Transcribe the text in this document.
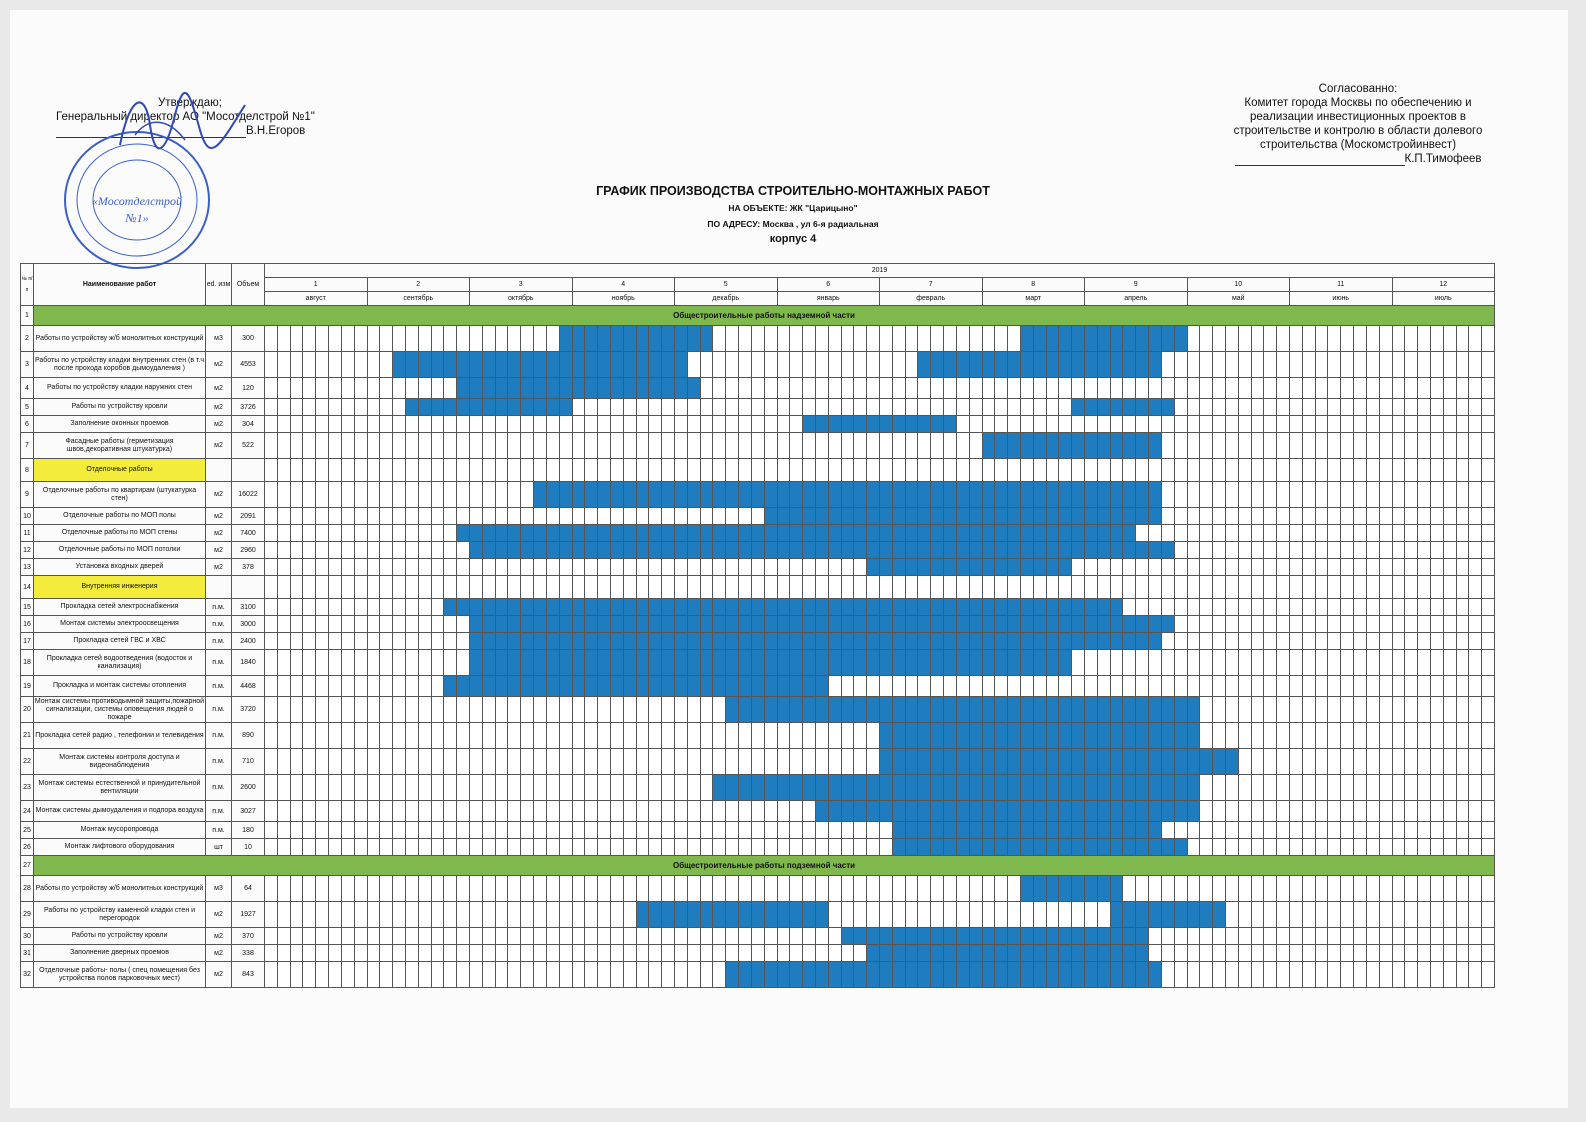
Утверждаю;
Генеральный директор АО "Мосотделстрой №1"
В.Н.Егоров
«Мосотделстрой
№1»
Согласованно:
Комитет города Москвы по обеспечению и
реализации инвестиционных проектов в
строительстве и контролю в области долевого
строительства (Москомстройинвест)
К.П.Тимофеев
ГРАФИК ПРОИЗВОДСТВА СТРОИТЕЛЬНО-МОНТАЖНЫХ РАБОТ
НА ОБЪЕКТЕ: ЖК "Царицыно"
ПО АДРЕСУ: Москва , ул 6-я радиальная
корпус 4
№ п/п	Наименование работ	ed. изм	Объем	2019
1	2	3	4	5	6	7	8	9	10	11	12
август	сентябрь	октябрь	ноябрь	декабрь	январь	февраль	март	апрель	май	июнь	июль
1	Общестроительные работы надземной части
2	Работы по устройству ж/б монолитных конструкций	м3	300																																																																																																
3	Работы по устройству кладки внутренних стен (в т.ч после прохода коробов дымоудаления )	м2	4553																																																																																																
4	Работы по устройству кладки наружних стен	м2	120																																																																																																
5	Работы по устройству кровли	м2	3726																																																																																																
6	Заполнение оконных проемов	м2	304																																																																																																
7	Фасадные работы (герметизация швов,декоративная штукатурка)	м2	522																																																																																																
8	Отделочные работы																																																																																																		
9	Отделочные работы по квартирам (штукатурка стен)	м2	16022																																																																																																
10	Отделочные работы по МОП полы	м2	2091																																																																																																
11	Отделочные работы по МОП стены	м2	7400																																																																																																
12	Отделочные работы по МОП потолки	м2	2960																																																																																																
13	Установка входных дверей	м2	378																																																																																																
14	Внутренняя инженерия																																																																																																		
15	Прокладка сетей электроснабжения	п.м.	3100																																																																																																
16	Монтаж системы электроосвещения	п.м.	3000																																																																																																
17	Прокладка сетей ГВС и ХВС	п.м.	2400																																																																																																
18	Прокладка сетей водоотведения (водосток и канализация)	п.м.	1840																																																																																																
19	Прокладка и монтаж системы отопления	п.м.	4468																																																																																																
20	Монтаж системы противодымной защиты,пожарной сигнализации, системы оповещения людей о пожаре	п.м.	3720																																																																																																
21	Прокладка сетей радио , телефонии и телевидения	п.м.	890																																																																																																
22	Монтаж системы контроля доступа и видеонаблюдения	п.м.	710																																																																																																
23	Монтаж системы естественной и принудительной вентиляции	п.м.	2600																																																																																																
24	Монтаж системы дымоудаления и подпора воздуха	п.м.	3027																																																																																																
25	Монтаж мусоропровода	п.м.	180																																																																																																
26	Монтаж лифтового оборудования	шт	10																																																																																																
27	Общестроительные работы подземной части
28	Работы по устройству ж/б монолитных конструкций	м3	64																																																																																																
29	Работы по устройству каменной кладки стен и перегородок	м2	1927																																																																																																
30	Работы по устройству кровли	м2	370																																																																																																
31	Заполнение дверных проемов	м2	338																																																																																																
32	Отделочные работы- полы ( спец помещения без устройства полов парковочных мест)	м2	843																																																																																																
